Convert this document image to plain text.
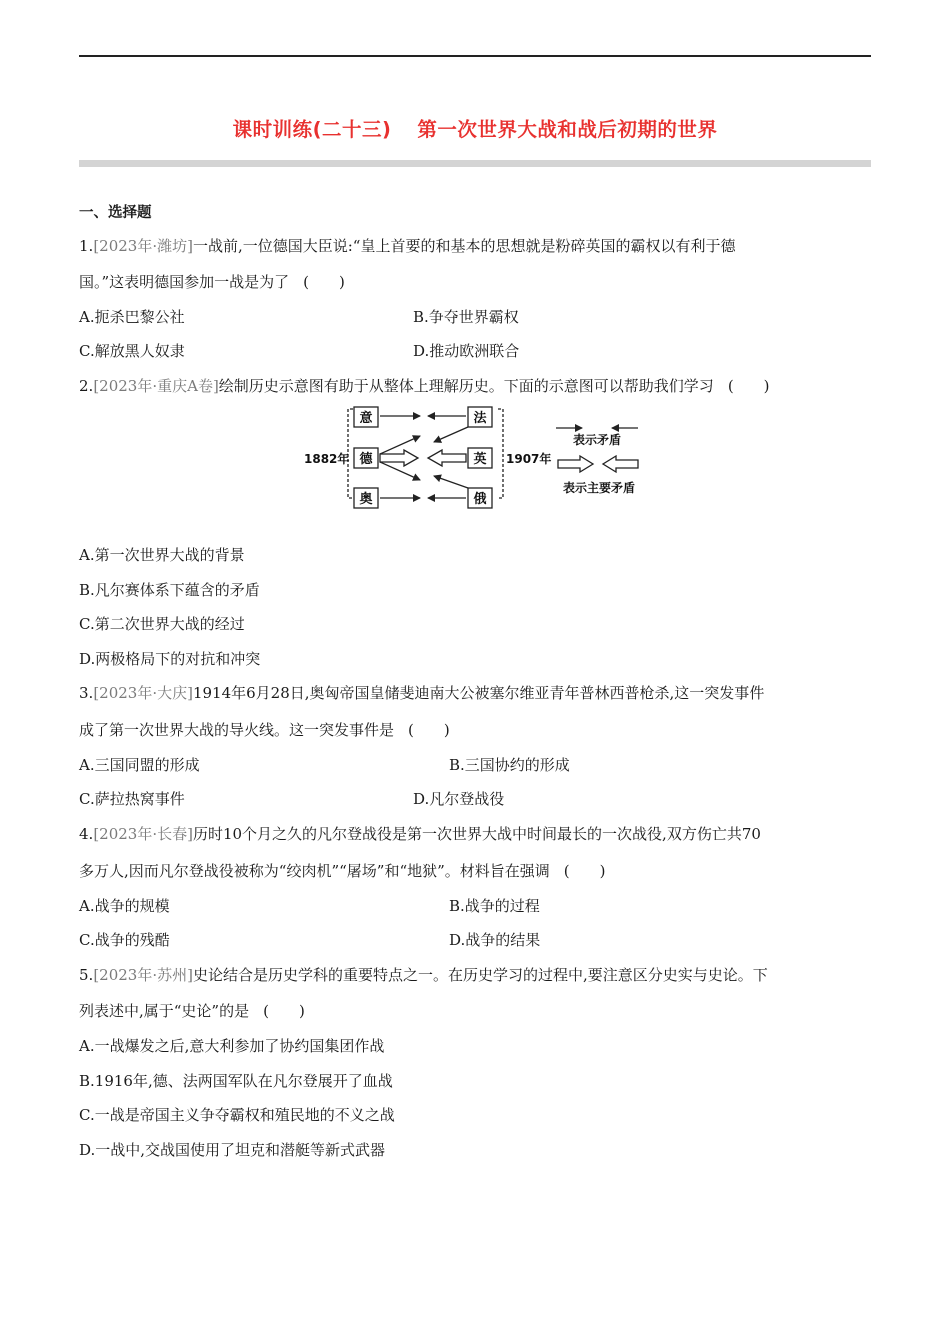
课时训练(二十三) 第一次世界大战和战后初期的世界
一、选择题
1.[2023年·潍坊]一战前,一位德国大臣说:“皇上首要的和基本的思想就是粉碎英国的霸权以有利于德
国。”这表明德国参加一战是为了 (　　)
A.扼杀巴黎公社	B.争夺世界霸权
C.解放黑人奴隶	D.推动欧洲联合
2.[2023年·重庆A卷]绘制历史示意图有助于从整体上理解历史。下面的示意图可以帮助我们学习 (　　)
1882年	1907年
意
德
奥
法
英
俄
表示矛盾
表示主要矛盾
A.第一次世界大战的背景
B.凡尔赛体系下蕴含的矛盾
C.第二次世界大战的经过
D.两极格局下的对抗和冲突
3.[2023年·大庆]1914年6月28日,奥匈帝国皇储斐迪南大公被塞尔维亚青年普林西普枪杀,这一突发事件
成了第一次世界大战的导火线。这一突发事件是 (　　)
A.三国同盟的形成	B.三国协约的形成
C.萨拉热窝事件	D.凡尔登战役
4.[2023年·长春]历时10个月之久的凡尔登战役是第一次世界大战中时间最长的一次战役,双方伤亡共70
多万人,因而凡尔登战役被称为“绞肉机”“屠场”和“地狱”。材料旨在强调 (　　)
A.战争的规模	B.战争的过程
C.战争的残酷	D.战争的结果
5.[2023年·苏州]史论结合是历史学科的重要特点之一。在历史学习的过程中,要注意区分史实与史论。下
列表述中,属于“史论”的是 (　　)
A.一战爆发之后,意大利参加了协约国集团作战
B.1916年,德、法两国军队在凡尔登展开了血战
C.一战是帝国主义争夺霸权和殖民地的不义之战
D.一战中,交战国使用了坦克和潜艇等新式武器
